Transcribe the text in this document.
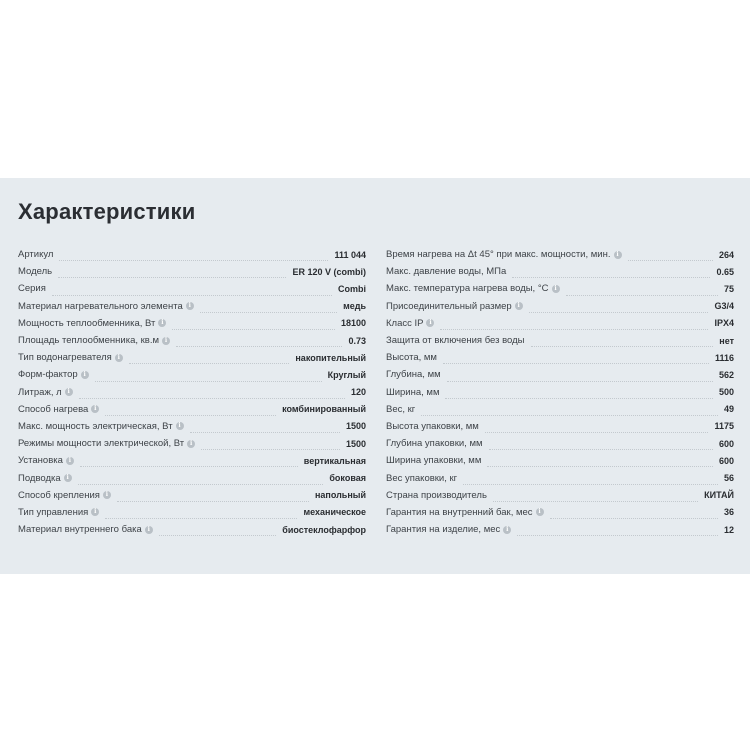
Характеристики
Артикул	111 044
Модель	ER 120 V (combi)
Серия	Combi
Материал нагревательного элемента i	медь
Мощность теплообменника, Вт i	18100
Площадь теплообменника, кв.м i	0.73
Тип водонагревателя i	накопительный
Форм-фактор i	Круглый
Литраж, л i	120
Способ нагрева i	комбинированный
Макс. мощность электрическая, Вт i	1500
Режимы мощности электрической, Вт i	1500
Установка i	вертикальная
Подводка i	боковая
Способ крепления i	напольный
Тип управления i	механическое
Материал внутреннего бака i	биостеклофарфор
Время нагрева на Δt 45° при макс. мощности, мин. i	264
Макс. давление воды, МПа	0.65
Макс. температура нагрева воды, °С i	75
Присоединительный размер i	G3/4
Класс IP i	IPX4
Защита от включения без воды	нет
Высота, мм	1116
Глубина, мм	562
Ширина, мм	500
Вес, кг	49
Высота упаковки, мм	1175
Глубина упаковки, мм	600
Ширина упаковки, мм	600
Вес упаковки, кг	56
Страна производитель	КИТАЙ
Гарантия на внутренний бак, мес i	36
Гарантия на изделие, мес i	12
